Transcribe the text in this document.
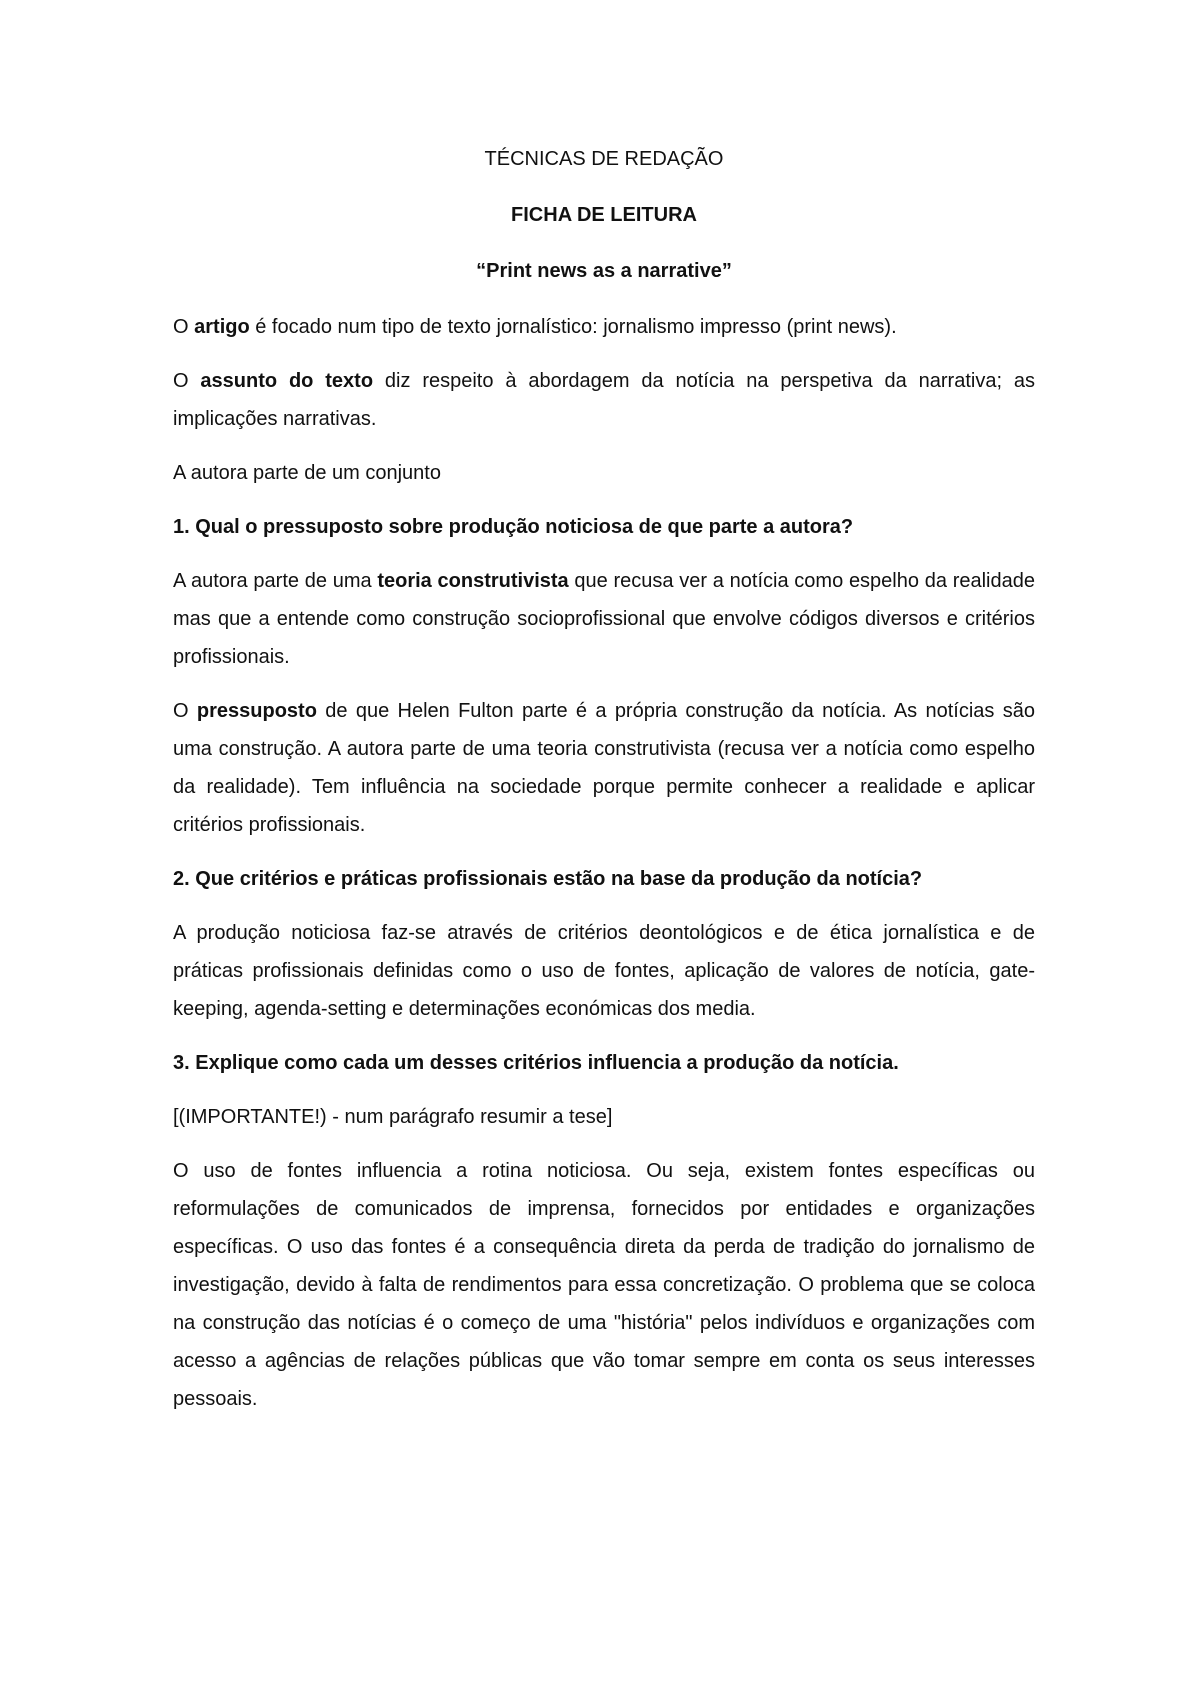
TÉCNICAS DE REDAÇÃO
FICHA DE LEITURA
“Print news as a narrative”

O artigo é focado num tipo de texto jornalístico: jornalismo impresso (print news).

O assunto do texto diz respeito à abordagem da notícia na perspetiva da narrativa; as implicações narrativas.

A autora parte de um conjunto

1. Qual o pressuposto sobre produção noticiosa de que parte a autora?

A autora parte de uma teoria construtivista que recusa ver a notícia como espelho da realidade mas que a entende como construção socioprofissional que envolve códigos diversos e critérios profissionais.

O pressuposto de que Helen Fulton parte é a própria construção da notícia. As notícias são uma construção. A autora parte de uma teoria construtivista (recusa ver a notícia como espelho da realidade). Tem influência na sociedade porque permite conhecer a realidade e aplicar critérios profissionais.

2. Que critérios e práticas profissionais estão na base da produção da notícia?

A produção noticiosa faz-se através de critérios deontológicos e de ética jornalística e de práticas profissionais definidas como o uso de fontes, aplicação de valores de notícia, gate-keeping, agenda-setting e determinações económicas dos media.

3. Explique como cada um desses critérios influencia a produção da notícia.

[(IMPORTANTE!) - num parágrafo resumir a tese]

O uso de fontes influencia a rotina noticiosa. Ou seja, existem fontes específicas ou reformulações de comunicados de imprensa, fornecidos por entidades e organizações específicas. O uso das fontes é a consequência direta da perda de tradição do jornalismo de investigação, devido à falta de rendimentos para essa concretização. O problema que se coloca na construção das notícias é o começo de uma "história" pelos indivíduos e organizações com acesso a agências de relações públicas que vão tomar sempre em conta os seus interesses pessoais.
